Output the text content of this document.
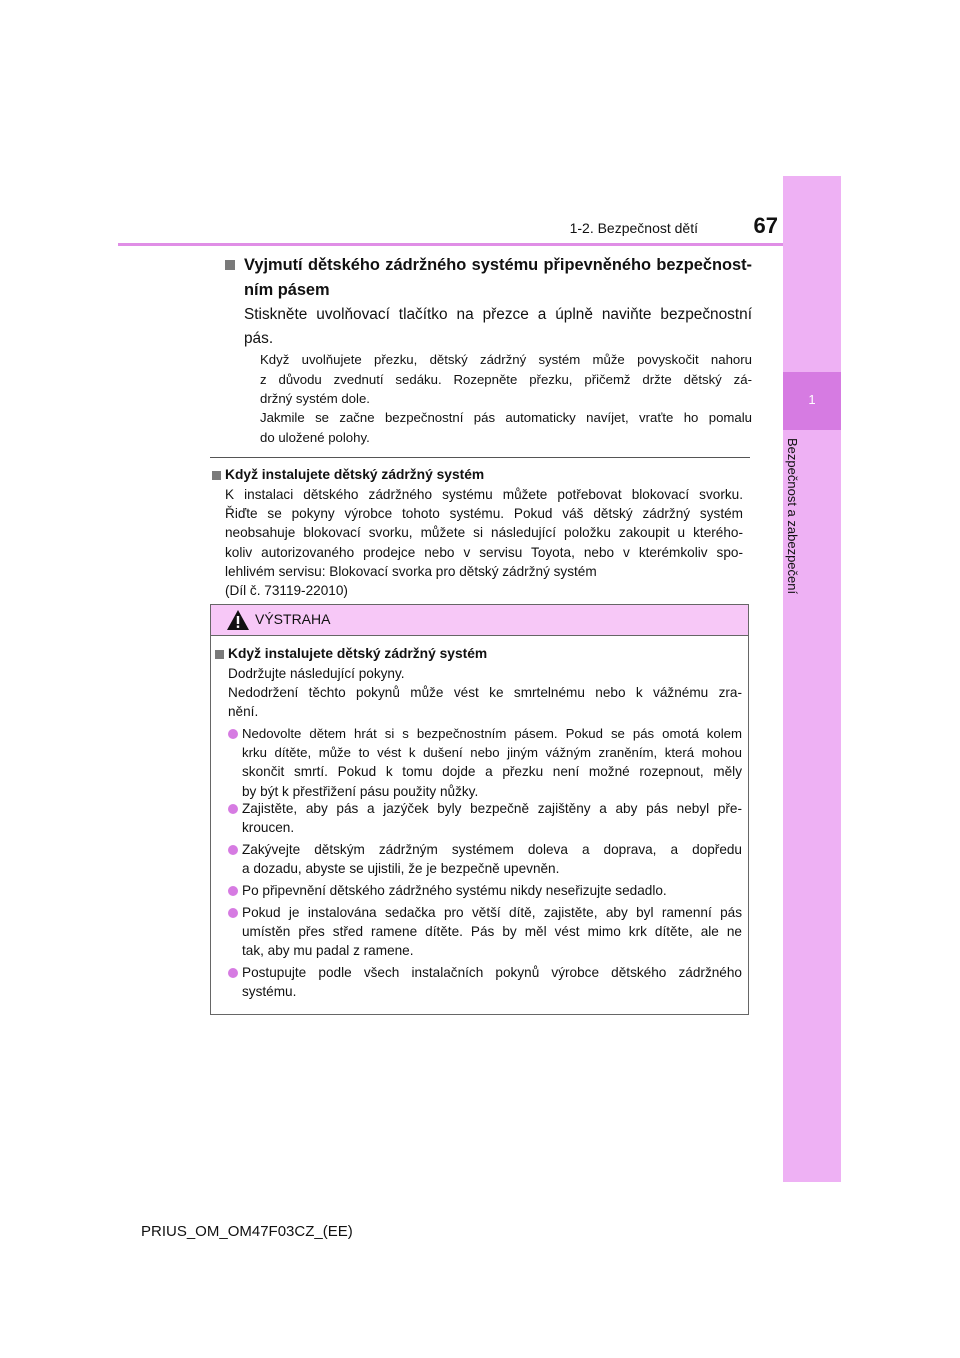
1-2. Bezpečnost dětí	67
1
Bezpečnost a zabezpečení
Vyjmutí dětského zádržného systému připevněného bezpečnost-
ním pásem
Stiskněte uvolňovací tlačítko na přezce a úplně naviňte bezpečnostní
pás.
Když uvolňujete přezku, dětský zádržný systém může povyskočit nahoru
z důvodu zvednutí sedáku. Rozepněte přezku, přičemž držte dětský zá-
držný systém dole.
Jakmile se začne bezpečnostní pás automaticky navíjet, vraťte ho pomalu
do uložené polohy.
Když instalujete dětský zádržný systém
K instalaci dětského zádržného systému můžete potřebovat blokovací svorku.
Řiďte se pokyny výrobce tohoto systému. Pokud váš dětský zádržný systém
neobsahuje blokovací svorku, můžete si následující položku zakoupit u kterého-
koliv autorizovaného prodejce nebo v servisu Toyota, nebo v kterémkoliv spo-
lehlivém servisu: Blokovací svorka pro dětský zádržný systém
(Díl č. 73119-22010)
VÝSTRAHA
Když instalujete dětský zádržný systém
Dodržujte následující pokyny.
Nedodržení těchto pokynů může vést ke smrtelnému nebo k vážnému zra-
nění.
Nedovolte dětem hrát si s bezpečnostním pásem. Pokud se pás omotá kolem
krku dítěte, může to vést k dušení nebo jiným vážným zraněním, která mohou
skončit smrtí. Pokud k tomu dojde a přezku není možné rozepnout, měly
by být k přestřižení pásu použity nůžky.
Zajistěte, aby pás a jazýček byly bezpečně zajištěny a aby pás nebyl pře-
kroucen.
Zakývejte dětským zádržným systémem doleva a doprava, a dopředu
a dozadu, abyste se ujistili, že je bezpečně upevněn.
Po připevnění dětského zádržného systému nikdy neseřizujte sedadlo.
Pokud je instalována sedačka pro větší dítě, zajistěte, aby byl ramenní pás
umístěn přes střed ramene dítěte. Pás by měl vést mimo krk dítěte, ale ne
tak, aby mu padal z ramene.
Postupujte podle všech instalačních pokynů výrobce dětského zádržného
systému.
PRIUS_OM_OM47F03CZ_(EE)
